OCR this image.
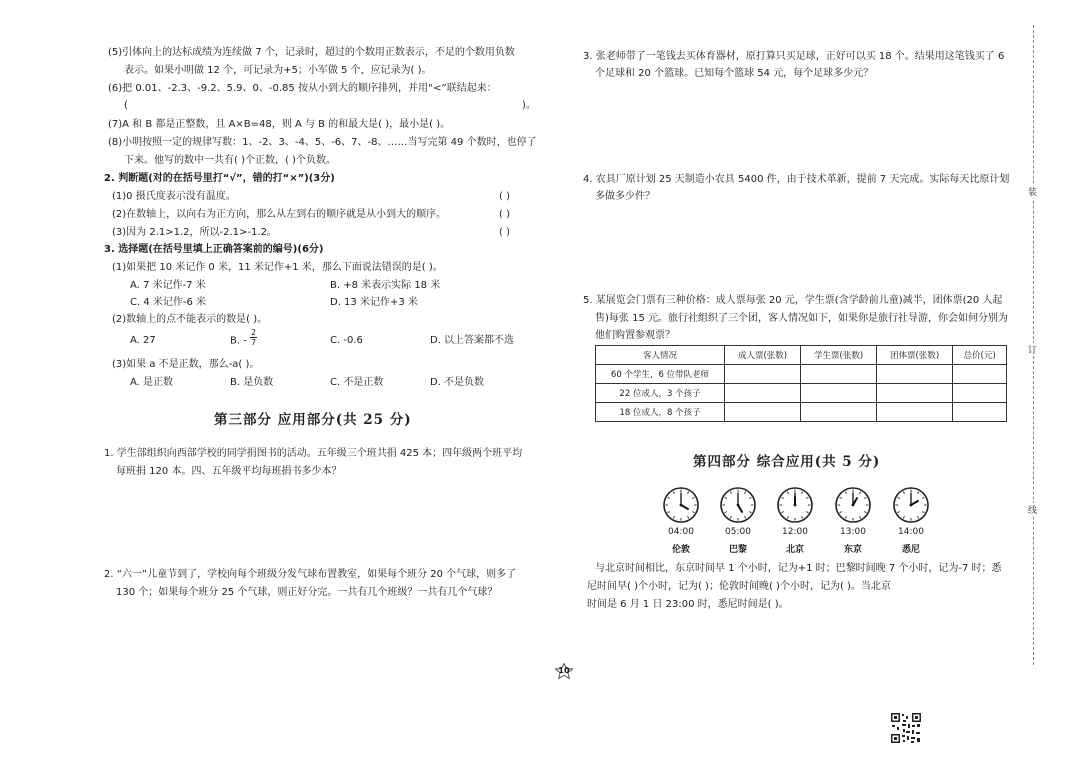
(5)引体向上的达标成绩为连续做 7 个，记录时，超过的个数用正数表示，不足的个数用负数
表示。如果小明做 12 个，可记录为+5；小军做 5 个，应记录为( )。
(6)把 0.01、-2.3、-9.2、5.9、0、-0.85 按从小到大的顺序排列，并用“<”联结起来：
(	)。
(7)A 和 B 都是正整数，且 A×B=48，则 A 与 B 的和最大是( )，最小是( )。
(8)小明按照一定的规律写数：1、-2、3、-4、5、-6、7、-8、……当写完第 49 个数时，也停了
下来。他写的数中一共有( )个正数，( )个负数。
2. 判断题(对的在括号里打“√”，错的打“×”)(3分)
(1)0 摄氏度表示没有温度。	( )
(2)在数轴上，以向右为正方向，那么从左到右的顺序就是从小到大的顺序。	( )
(3)因为 2.1>1.2，所以-2.1>-1.2。	( )
3. 选择题(在括号里填上正确答案前的编号)(6分)
(1)如果把 10 米记作 0 米，11 米记作+1 米，那么下面说法错误的是( )。
A. 7 米记作-7 米	B. +8 米表示实际 18 米
C. 4 米记作-6 米	D. 13 米记作+3 米
(2)数轴上的点不能表示的数是( )。
A. 27	B. - $\frac{2}{7}$	C. -0.6	D. 以上答案都不选
(3)如果 a 不是正数，那么-a( )。
A. 是正数	B. 是负数	C. 不是正数	D. 不是负数
第三部分 应用部分(共 25 分)
1. 学生部组织向西部学校的同学捐图书的活动。五年级三个班共捐 425 本；四年级两个班平均
每班捐 120 本。四、五年级平均每班捐书多少本？
2. “六一”儿童节到了，学校向每个班级分发气球布置教室，如果每个班分 20 个气球，则多了
130 个；如果每个班分 25 个气球，则正好分完。一共有几个班级？一共有几个气球？
3. 张老师带了一笔钱去买体育器材，原打算只买足球，正好可以买 18 个。结果用这笔钱买了 6
个足球和 20 个篮球。已知每个篮球 54 元，每个足球多少元？
4. 农具厂原计划 25 天制造小农具 5400 件，由于技术革新，提前 7 天完成。实际每天比原计划
多做多少件？
5. 某展览会门票有三种价格：成人票每张 20 元，学生票(含学龄前儿童)减半，团体票(20 人起
售)每张 15 元。旅行社组织了三个团，客人情况如下，如果你是旅行社导游，你会如何分别为
他们购置参观票？
客人情况	成人票(张数)	学生票(张数)	团体票(张数)	总价(元)
60 个学生，6 位带队老师				
22 位成人，3 个孩子				
18 位成人，8 个孩子				
第四部分 综合应用(共 5 分)
04:00
伦敦
05:00
巴黎
12:00
北京
13:00
东京
14:00
悉尼
与北京时间相比，东京时间早 1 个小时，记为+1 时；巴黎时间晚 7 个小时，记为-7 时；悉
尼时间早( )个小时，记为( )；伦敦时间晚( )个小时，记为( )。当北京
时间是 6 月 1 日 23:00 时，悉尼时间是( )。
装
订
线
10
